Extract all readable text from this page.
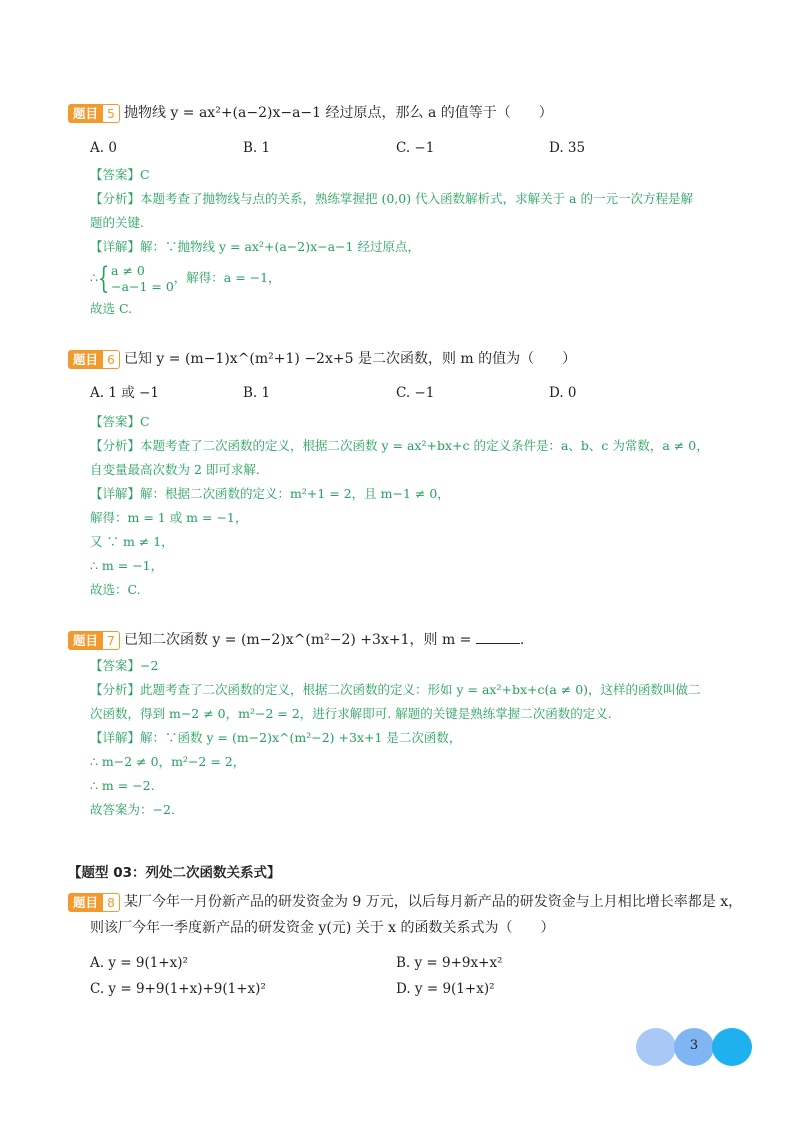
题目 5 抛物线 y = ax²+(a−2)x−a−1 经过原点，那么 a 的值等于（　　）
A. 0	B. 1	C. −1	D. 35
【答案】C
【分析】本题考查了抛物线与点的关系，熟练掌握把 (0,0) 代入函数解析式，求解关于 a 的一元一次方程是解
题的关键.
【详解】解：∵抛物线 y = ax²+(a−2)x−a−1 经过原点，
∴{ a ≠ 0
−a−1 = 0
，解得：a = −1，
故选 C.
题目 6 已知 y = (m−1)x^(m²+1) −2x+5 是二次函数，则 m 的值为（　　）
A. 1 或 −1	B. 1	C. −1	D. 0
【答案】C
【分析】本题考查了二次函数的定义，根据二次函数 y = ax²+bx+c 的定义条件是：a、b、c 为常数，a ≠ 0，
自变量最高次数为 2 即可求解.
【详解】解：根据二次函数的定义：m²+1 = 2，且 m−1 ≠ 0，
解得：m = 1 或 m = −1，
又 ∵ m ≠ 1，
∴ m = −1，
故选：C.
题目 7 已知二次函数 y = (m−2)x^(m²−2) +3x+1，则 m =	.
【答案】−2
【分析】此题考查了二次函数的定义，根据二次函数的定义：形如 y = ax²+bx+c(a ≠ 0)，这样的函数叫做二
次函数，得到 m−2 ≠ 0，m²−2 = 2，进行求解即可. 解题的关键是熟练掌握二次函数的定义.
【详解】解：∵函数 y = (m−2)x^(m²−2) +3x+1 是二次函数，
∴ m−2 ≠ 0，m²−2 = 2，
∴ m = −2.
故答案为：−2.
【题型 03：列处二次函数关系式】
题目 8 某厂今年一月份新产品的研发资金为 9 万元，以后每月新产品的研发资金与上月相比增长率都是 x，
则该厂今年一季度新产品的研发资金 y(元) 关于 x 的函数关系式为（　　）
A. y = 9(1+x)²	B. y = 9+9x+x²
C. y = 9+9(1+x)+9(1+x)²	D. y = 9(1+x)²
3
